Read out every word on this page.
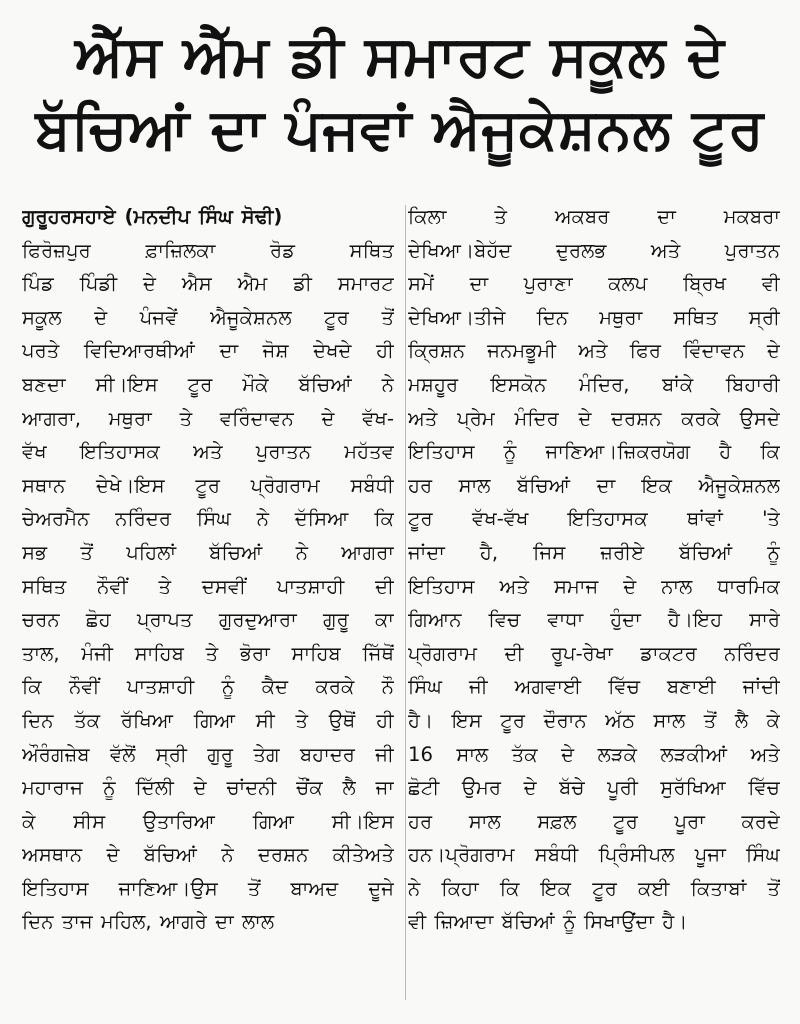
ਐੱਸ ਐੱਮ ਡੀ ਸਮਾਰਟ ਸਕੂਲ ਦੇ
ਬੱਚਿਆਂ ਦਾ ਪੰਜਵਾਂ ਐਜੂਕੇਸ਼ਨਲ ਟੂਰ
ਗੁਰੂਹਰਸਹਾਏ (ਮਨਦੀਪ ਸਿੰਘ ਸੋਢੀ)
ਫਿਰੋਜ਼ਪੁਰ ਫ਼ਾਜ਼ਿਲਕਾ ਰੋਡ ਸਥਿਤ
ਪਿੰਡ ਪਿੰਡੀ ਦੇ ਐਸ ਐਮ ਡੀ ਸਮਾਰਟ
ਸਕੂਲ ਦੇ ਪੰਜਵੇਂ ਐਜੂਕੇਸ਼ਨਲ ਟੂਰ ਤੋਂ
ਪਰਤੇ ਵਿਦਿਆਰਥੀਆਂ ਦਾ ਜੋਸ਼ ਦੇਖਦੇ ਹੀ
ਬਣਦਾ ਸੀ।ਇਸ ਟੂਰ ਮੌਕੇ ਬੱਚਿਆਂ ਨੇ
ਆਗਰਾ, ਮਥੁਰਾ ਤੇ ਵਰਿੰਦਾਵਨ ਦੇ ਵੱਖ-
ਵੱਖ ਇਤਿਹਾਸਕ ਅਤੇ ਪੁਰਾਤਨ ਮਹੱਤਵ
ਸਥਾਨ ਦੇਖੇ।ਇਸ ਟੂਰ ਪ੍ਰੋਗਰਾਮ ਸਬੰਧੀ
ਚੇਅਰਮੈਨ ਨਰਿੰਦਰ ਸਿੰਘ ਨੇ ਦੱਸਿਆ ਕਿ
ਸਭ ਤੋਂ ਪਹਿਲਾਂ ਬੱਚਿਆਂ ਨੇ ਆਗਰਾ
ਸਥਿਤ ਨੌਵੀਂ ਤੇ ਦਸਵੀਂ ਪਾਤਸ਼ਾਹੀ ਦੀ
ਚਰਨ ਛੋਹ ਪ੍ਰਾਪਤ ਗੁਰਦੁਆਰਾ ਗੁਰੂ ਕਾ
ਤਾਲ, ਮੰਜੀ ਸਾਹਿਬ ਤੇ ਭੋਰਾ ਸਾਹਿਬ ਜਿੱਥੋਂ
ਕਿ ਨੌਵੀਂ ਪਾਤਸ਼ਾਹੀ ਨੂੰ ਕੈਦ ਕਰਕੇ ਨੌ
ਦਿਨ ਤੱਕ ਰੱਖਿਆ ਗਿਆ ਸੀ ਤੇ ਉਥੋਂ ਹੀ
ਔਰੰਗਜ਼ੇਬ ਵੱਲੋਂ ਸ੍ਰੀ ਗੁਰੂ ਤੇਗ ਬਹਾਦਰ ਜੀ
ਮਹਾਰਾਜ ਨੂੰ ਦਿੱਲੀ ਦੇ ਚਾਂਦਨੀ ਚੌਂਕ ਲੈ ਜਾ
ਕੇ ਸੀਸ ਉਤਾਰਿਆ ਗਿਆ ਸੀ।ਇਸ
ਅਸਥਾਨ ਦੇ ਬੱਚਿਆਂ ਨੇ ਦਰਸ਼ਨ ਕੀਤੇਅਤੇ
ਇਤਿਹਾਸ ਜਾਣਿਆ।ਉਸ ਤੋਂ ਬਾਅਦ ਦੂਜੇ
ਦਿਨ ਤਾਜ ਮਹਿਲ, ਆਗਰੇ ਦਾ ਲਾਲ
ਕਿਲਾ ਤੇ ਅਕਬਰ ਦਾ ਮਕਬਰਾ
ਦੇਖਿਆ।ਬੇਹੱਦ ਦੁਰਲਭ ਅਤੇ ਪੁਰਾਤਨ
ਸਮੇਂ ਦਾ ਪੁਰਾਣਾ ਕਲਪ ਬ੍ਰਿਖ ਵੀ
ਦੇਖਿਆ।ਤੀਜੇ ਦਿਨ ਮਥੁਰਾ ਸਥਿਤ ਸ੍ਰੀ
ਕ੍ਰਿਸ਼ਨ ਜਨਮਭੂਮੀ ਅਤੇ ਫਿਰ ਵਿੰਦਾਵਨ ਦੇ
ਮਸ਼ਹੂਰ ਇਸਕੋਨ ਮੰਦਿਰ, ਬਾਂਕੇ ਬਿਹਾਰੀ
ਅਤੇ ਪ੍ਰੇਮ ਮੰਦਿਰ ਦੇ ਦਰਸ਼ਨ ਕਰਕੇ ਉਸਦੇ
ਇਤਿਹਾਸ ਨੂੰ ਜਾਣਿਆ।ਜ਼ਿਕਰਯੋਗ ਹੈ ਕਿ
ਹਰ ਸਾਲ ਬੱਚਿਆਂ ਦਾ ਇਕ ਐਜੂਕੇਸ਼ਨਲ
ਟੂਰ ਵੱਖ-ਵੱਖ ਇਤਿਹਾਸਕ ਥਾਂਵਾਂ 'ਤੇ
ਜਾਂਦਾ ਹੈ, ਜਿਸ ਜ਼ਰੀਏ ਬੱਚਿਆਂ ਨੂੰ
ਇਤਿਹਾਸ ਅਤੇ ਸਮਾਜ ਦੇ ਨਾਲ ਧਾਰਮਿਕ
ਗਿਆਨ ਵਿਚ ਵਾਧਾ ਹੁੰਦਾ ਹੈ।ਇਹ ਸਾਰੇ
ਪ੍ਰੋਗਰਾਮ ਦੀ ਰੂਪ-ਰੇਖਾ ਡਾਕਟਰ ਨਰਿੰਦਰ
ਸਿੰਘ ਜੀ ਅਗਵਾਈ ਵਿੱਚ ਬਣਾਈ ਜਾਂਦੀ
ਹੈ। ਇਸ ਟੂਰ ਦੌਰਾਨ ਅੱਠ ਸਾਲ ਤੋਂ ਲੈ ਕੇ
16 ਸਾਲ ਤੱਕ ਦੇ ਲੜਕੇ ਲੜਕੀਆਂ ਅਤੇ
ਛੋਟੀ ਉਮਰ ਦੇ ਬੱਚੇ ਪੂਰੀ ਸੁਰੱਖਿਆ ਵਿੱਚ
ਹਰ ਸਾਲ ਸਫ਼ਲ ਟੂਰ ਪੂਰਾ ਕਰਦੇ
ਹਨ।ਪ੍ਰੋਗਰਾਮ ਸਬੰਧੀ ਪ੍ਰਿੰਸੀਪਲ ਪੂਜਾ ਸਿੰਘ
ਨੇ ਕਿਹਾ ਕਿ ਇਕ ਟੂਰ ਕਈ ਕਿਤਾਬਾਂ ਤੋਂ
ਵੀ ਜ਼ਿਆਦਾ ਬੱਚਿਆਂ ਨੂੰ ਸਿਖਾਉਂਦਾ ਹੈ।
